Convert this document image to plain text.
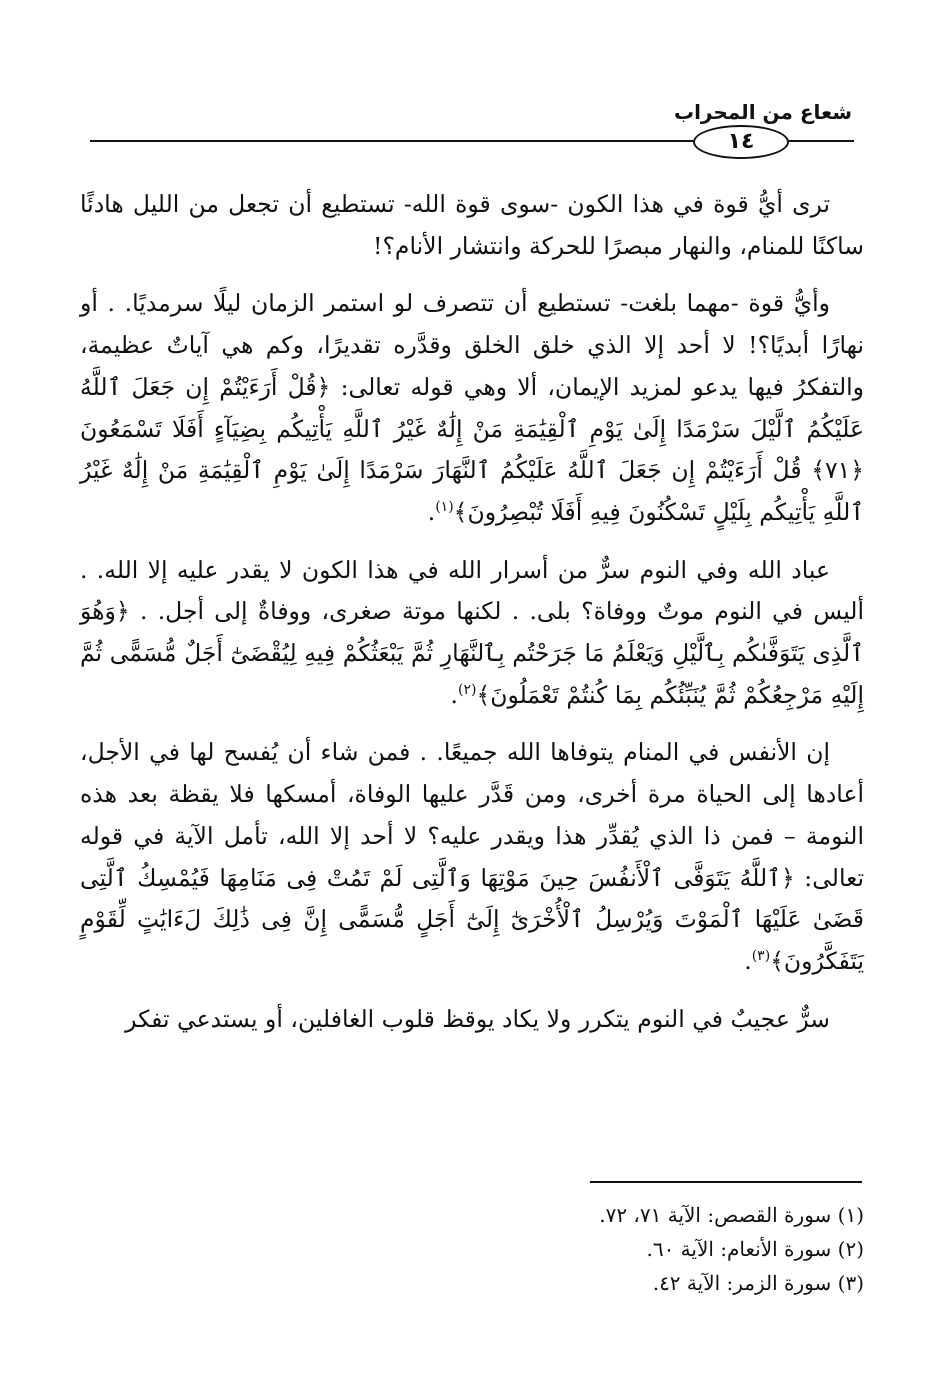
شعاع من المحراب
١٤

ترى أيُّ قوة في هذا الكون -سوى قوة الله- تستطيع أن تجعل من الليل هادئًا ساكنًا للمنام، والنهار مبصرًا للحركة وانتشار الأنام؟!

وأيُّ قوة -مهما بلغت- تستطيع أن تتصرف لو استمر الزمان ليلًا سرمديًا. . أو نهارًا أبديًا؟! لا أحد إلا الذي خلق الخلق وقدَّره تقديرًا، وكم هي آياتٌ عظيمة، والتفكرُ فيها يدعو لمزيد الإيمان، ألا وهي قوله تعالى: ﴿قُلْ أَرَءَيْتُمْ إِن جَعَلَ ٱللَّهُ عَلَيْكُمُ ٱلَّيْلَ سَرْمَدًا إِلَىٰ يَوْمِ ٱلْقِيَٰمَةِ مَنْ إِلَٰهٌ غَيْرُ ٱللَّهِ يَأْتِيكُم بِضِيَآءٍ أَفَلَا تَسْمَعُونَ ﴿٧١﴾ قُلْ أَرَءَيْتُمْ إِن جَعَلَ ٱللَّهُ عَلَيْكُمُ ٱلنَّهَارَ سَرْمَدًا إِلَىٰ يَوْمِ ٱلْقِيَٰمَةِ مَنْ إِلَٰهٌ غَيْرُ ٱللَّهِ يَأْتِيكُم بِلَيْلٍ تَسْكُنُونَ فِيهِ أَفَلَا تُبْصِرُونَ﴾$^{(١)}$.

عباد الله وفي النوم سرٌّ من أسرار الله في هذا الكون لا يقدر عليه إلا الله. . أليس في النوم موتٌ ووفاة؟ بلى. . لكنها موتة صغرى، ووفاةٌ إلى أجل. . ﴿وَهُوَ ٱلَّذِى يَتَوَفَّىٰكُم بِٱلَّيْلِ وَيَعْلَمُ مَا جَرَحْتُم بِٱلنَّهَارِ ثُمَّ يَبْعَثُكُمْ فِيهِ لِيُقْضَىٰٓ أَجَلٌ مُّسَمًّى ثُمَّ إِلَيْهِ مَرْجِعُكُمْ ثُمَّ يُنَبِّئُكُم بِمَا كُنتُمْ تَعْمَلُونَ﴾$^{(٢)}$.

إن الأنفس في المنام يتوفاها الله جميعًا. . فمن شاء أن يُفسح لها في الأجل، أعادها إلى الحياة مرة أخرى، ومن قَدَّر عليها الوفاة، أمسكها فلا يقظة بعد هذه النومة – فمن ذا الذي يُقدِّر هذا ويقدر عليه؟ لا أحد إلا الله، تأمل الآية في قوله تعالى: ﴿ٱللَّهُ يَتَوَفَّى ٱلْأَنفُسَ حِينَ مَوْتِهَا وَٱلَّتِى لَمْ تَمُتْ فِى مَنَامِهَا فَيُمْسِكُ ٱلَّتِى قَضَىٰ عَلَيْهَا ٱلْمَوْتَ وَيُرْسِلُ ٱلْأُخْرَىٰٓ إِلَىٰٓ أَجَلٍ مُّسَمًّى إِنَّ فِى ذَٰلِكَ لَءَايَٰتٍ لِّقَوْمٍ يَتَفَكَّرُونَ﴾$^{(٣)}$.

سرٌّ عجيبٌ في النوم يتكرر ولا يكاد يوقظ قلوب الغافلين، أو يستدعي تفكر

(١) سورة القصص: الآية ٧١، ٧٢.
(٢) سورة الأنعام: الآية ٦٠.
(٣) سورة الزمر: الآية ٤٢.
